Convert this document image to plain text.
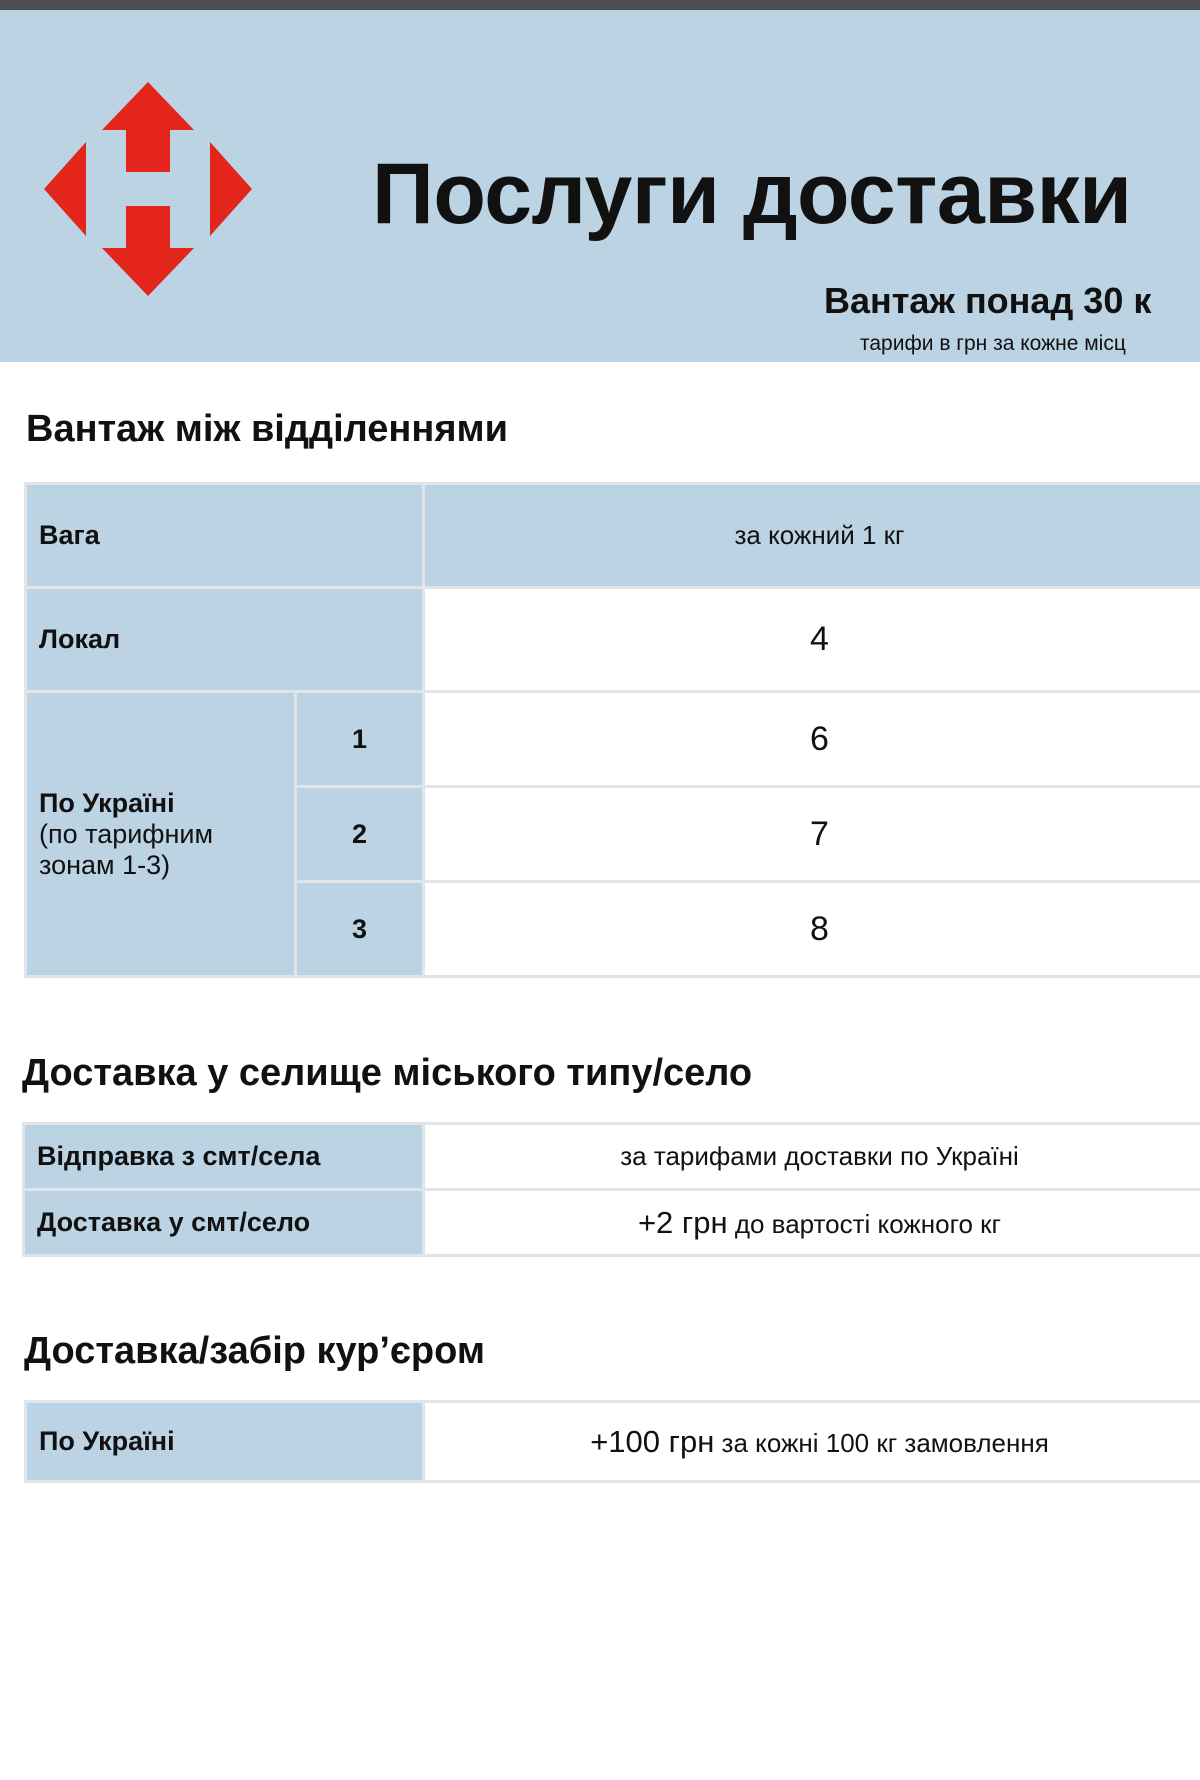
Послуги доставки
Вантаж понад 30 к
тарифи в грн за кожне місц
Вантаж між відділеннями
Вага		за кожний 1 кг
Локал		4
По Україні
(по тарифним зонам 1-3)	1	6
	2	7
	3	8
Доставка у селище міського типу/село
Відправка з смт/села	за тарифами доставки по Україні
Доставка у смт/село	+2 грн до вартості кожного кг
Доставка/забір кур’єром
По Україні	+100 грн за кожні 100 кг замовлення
